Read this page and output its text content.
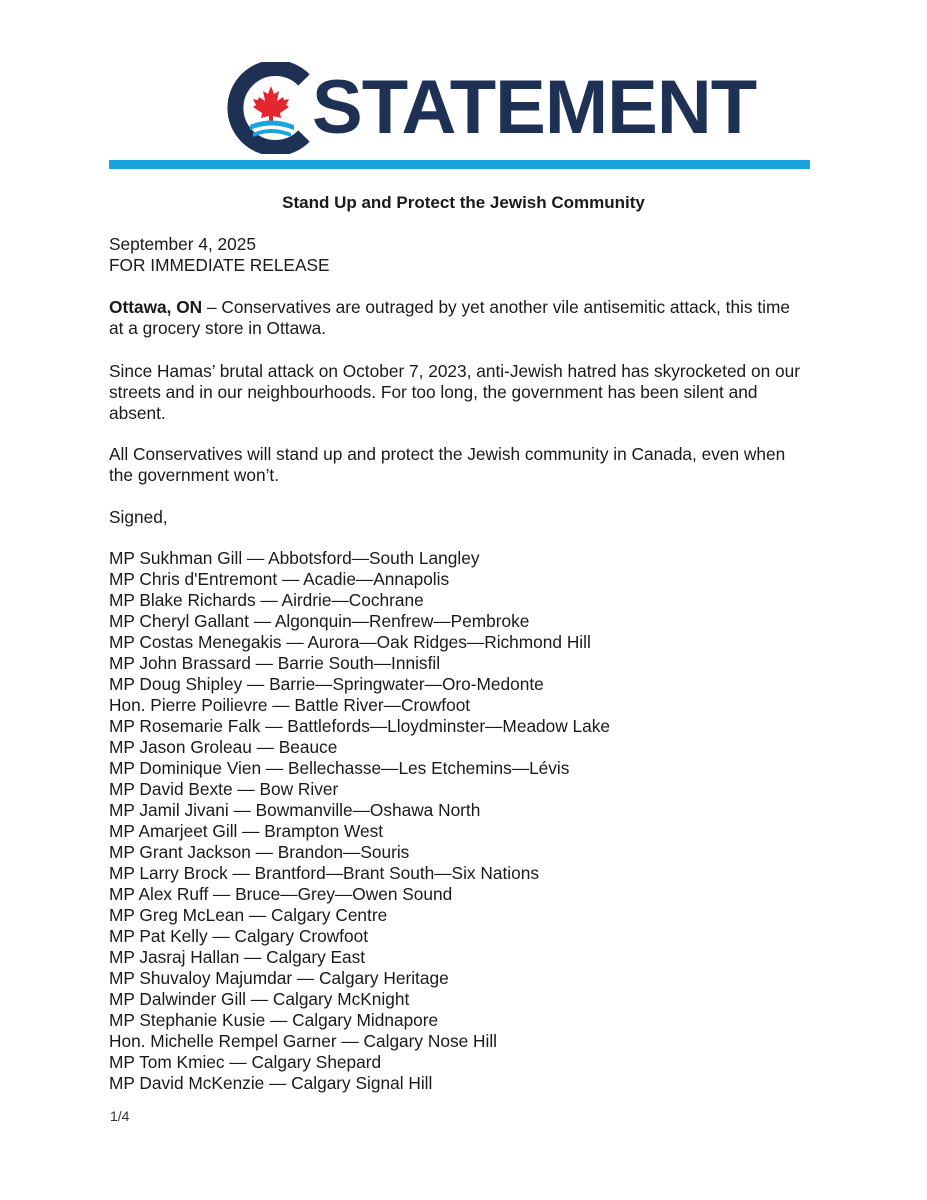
STATEMENT
Stand Up and Protect the Jewish Community
September 4, 2025
FOR IMMEDIATE RELEASE
Ottawa, ON – Conservatives are outraged by yet another vile antisemitic attack, this time at a grocery store in Ottawa.
Since Hamas’ brutal attack on October 7, 2023, anti-Jewish hatred has skyrocketed on our streets and in our neighbourhoods. For too long, the government has been silent and absent.
All Conservatives will stand up and protect the Jewish community in Canada, even when the government won’t.
Signed,
MP Sukhman Gill — Abbotsford—South Langley
MP Chris d'Entremont — Acadie—Annapolis
MP Blake Richards — Airdrie—Cochrane
MP Cheryl Gallant — Algonquin—Renfrew—Pembroke
MP Costas Menegakis — Aurora—Oak Ridges—Richmond Hill
MP John Brassard — Barrie South—Innisfil
MP Doug Shipley — Barrie—Springwater—Oro-Medonte
Hon. Pierre Poilievre — Battle River—Crowfoot
MP Rosemarie Falk — Battlefords—Lloydminster—Meadow Lake
MP Jason Groleau — Beauce
MP Dominique Vien — Bellechasse—Les Etchemins—Lévis
MP David Bexte — Bow River
MP Jamil Jivani — Bowmanville—Oshawa North
MP Amarjeet Gill — Brampton West
MP Grant Jackson — Brandon—Souris
MP Larry Brock — Brantford—Brant South—Six Nations
MP Alex Ruff — Bruce—Grey—Owen Sound
MP Greg McLean — Calgary Centre
MP Pat Kelly — Calgary Crowfoot
MP Jasraj Hallan — Calgary East
MP Shuvaloy Majumdar — Calgary Heritage
MP Dalwinder Gill — Calgary McKnight
MP Stephanie Kusie — Calgary Midnapore
Hon. Michelle Rempel Garner — Calgary Nose Hill
MP Tom Kmiec — Calgary Shepard
MP David McKenzie — Calgary Signal Hill
1/4
